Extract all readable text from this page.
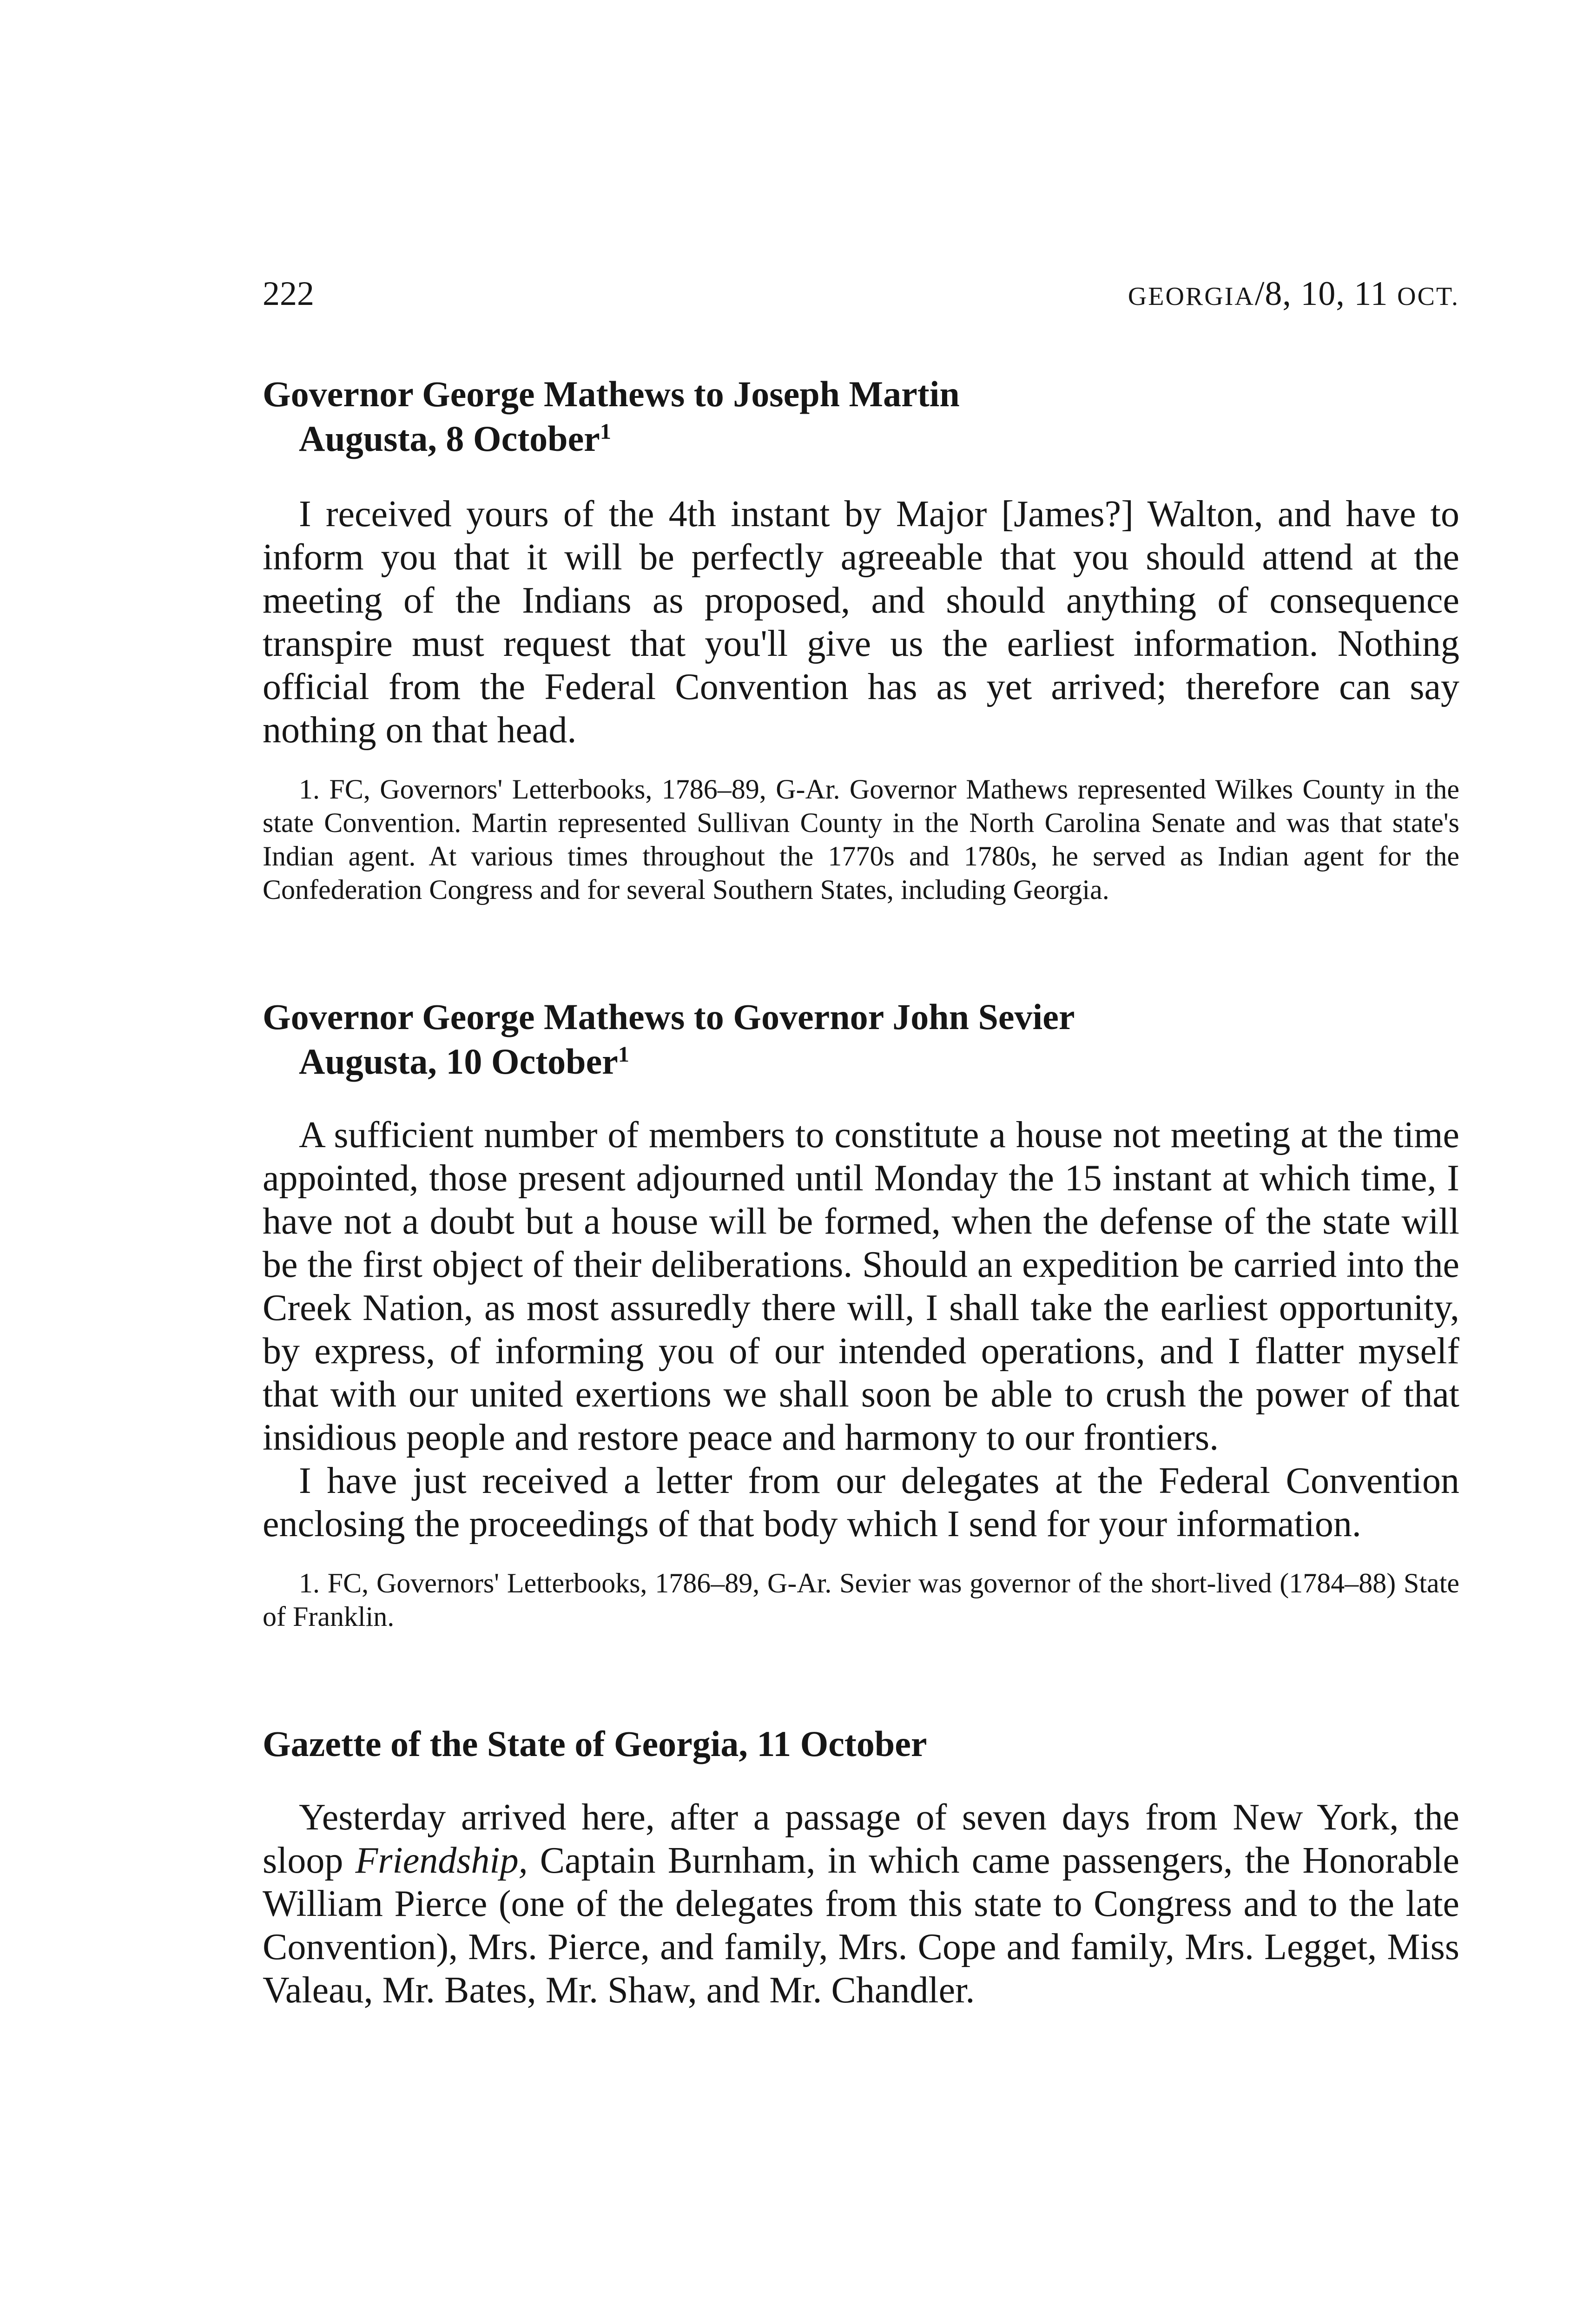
222	GEORGIA/8, 10, 11 OCT.

Governor George Mathews to Joseph Martin

Augusta, 8 October$^1$

I received yours of the 4th instant by Major [James?] Walton, and have to inform you that it will be perfectly agreeable that you should attend at the meeting of the Indians as proposed, and should anything of consequence transpire must request that you'll give us the earliest information. Nothing official from the Federal Convention has as yet arrived; therefore can say nothing on that head.

1. FC, Governors' Letterbooks, 1786–89, G-Ar. Governor Mathews represented Wilkes County in the state Convention. Martin represented Sullivan County in the North Carolina Senate and was that state's Indian agent. At various times throughout the 1770s and 1780s, he served as Indian agent for the Confederation Congress and for several Southern States, including Georgia.

Governor George Mathews to Governor John Sevier

Augusta, 10 October$^1$

A sufficient number of members to constitute a house not meeting at the time appointed, those present adjourned until Monday the 15 instant at which time, I have not a doubt but a house will be formed, when the defense of the state will be the first object of their deliberations. Should an expedition be carried into the Creek Nation, as most assuredly there will, I shall take the earliest opportunity, by express, of informing you of our intended operations, and I flatter myself that with our united exertions we shall soon be able to crush the power of that insidious people and restore peace and harmony to our frontiers.

I have just received a letter from our delegates at the Federal Convention enclosing the proceedings of that body which I send for your information.

1. FC, Governors' Letterbooks, 1786–89, G-Ar. Sevier was governor of the short-lived (1784–88) State of Franklin.

Gazette of the State of Georgia, 11 October

Yesterday arrived here, after a passage of seven days from New York, the sloop Friendship, Captain Burnham, in which came passengers, the Honorable William Pierce (one of the delegates from this state to Congress and to the late Convention), Mrs. Pierce, and family, Mrs. Cope and family, Mrs. Legget, Miss Valeau, Mr. Bates, Mr. Shaw, and Mr. Chandler.
